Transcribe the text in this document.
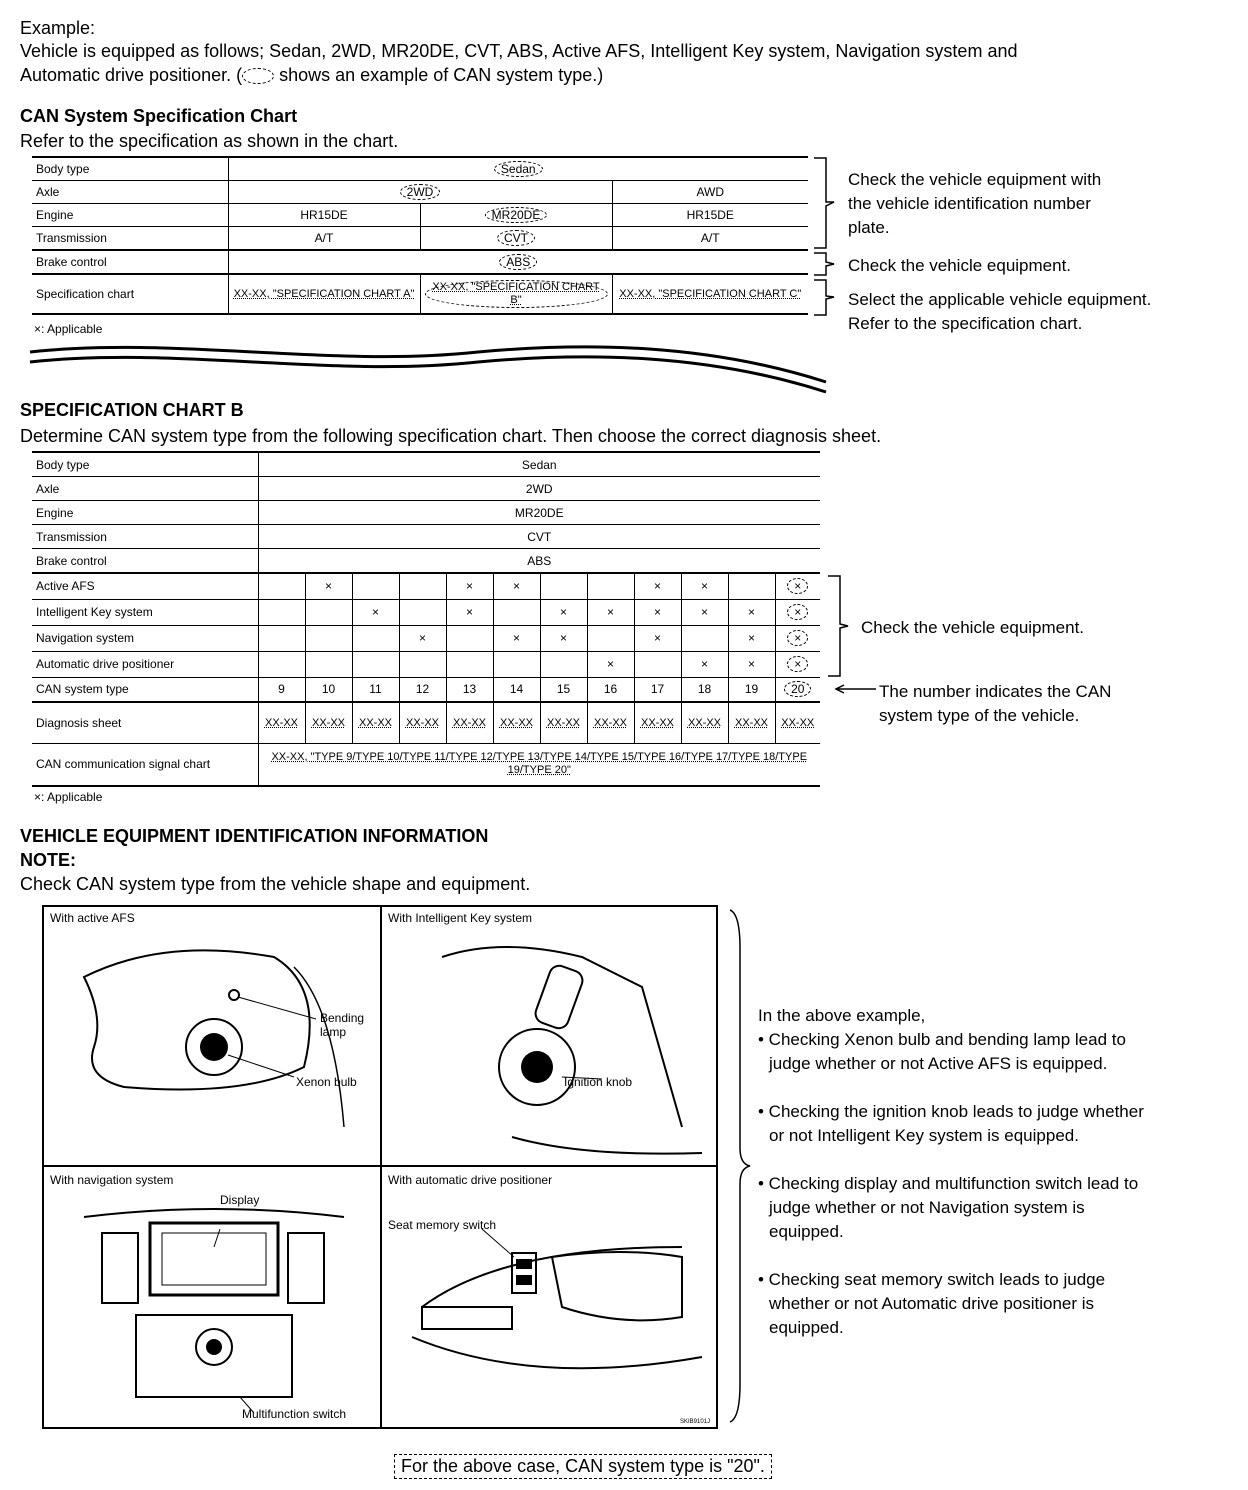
Example:
Vehicle is equipped as follows; Sedan, 2WD, MR20DE, CVT, ABS, Active AFS, Intelligent Key system, Navigation system and
Automatic drive positioner. ( shows an example of CAN system type.)
CAN System Specification Chart
Refer to the specification as shown in the chart.
Body type	Sedan		
Axle	2WD		AWD
Engine	HR15DE	MR20DE	HR15DE
Transmission	A/T	CVT	A/T
Brake control	ABS		
Specification chart	XX-XX, "SPECIFICATION CHART A"	XX-XX, "SPECIFICATION CHART B"	XX-XX, "SPECIFICATION CHART C"
×: Applicable
Check the vehicle equipment with
the vehicle identification number
plate.
Check the vehicle equipment.
Select the applicable vehicle equipment.
Refer to the specification chart.
SPECIFICATION CHART B
Determine CAN system type from the following specification chart. Then choose the correct diagnosis sheet.
Body type	Sedan											
Axle	2WD											
Engine	MR20DE											
Transmission	CVT											
Brake control	ABS											
Active AFS		×			×	×			×	×		×
Intelligent Key system			×		×		×	×	×	×	×	×
Navigation system				×		×	×		×		×	×
Automatic drive positioner								×		×	×	×
CAN system type	9	10	11	12	13	14	15	16	17	18	19	20
Diagnosis sheet	XX-XX	XX-XX	XX-XX	XX-XX	XX-XX	XX-XX	XX-XX	XX-XX	XX-XX	XX-XX	XX-XX	XX-XX
CAN communication signal chart	XX-XX, "TYPE 9/TYPE 10/TYPE 11/TYPE 12/TYPE 13/TYPE 14/TYPE 15/TYPE 16/TYPE 17/TYPE 18/TYPE 19/TYPE 20"											
×: Applicable
Check the vehicle equipment.
The number indicates the CAN
system type of the vehicle.
VEHICLE EQUIPMENT IDENTIFICATION INFORMATION
NOTE:
Check CAN system type from the vehicle shape and equipment.
With active AFS
Bending
lamp
Xenon bulb
With Intelligent Key system
Ignition knob
With navigation system
Display
Multifunction switch
With automatic drive positioner
Seat memory switch
SKIB9101J
In the above example,
• Checking Xenon bulb and bending lamp lead to
judge whether or not Active AFS is equipped.
• Checking the ignition knob leads to judge whether
or not Intelligent Key system is equipped.
• Checking display and multifunction switch lead to
judge whether or not Navigation system is
equipped.
• Checking seat memory switch leads to judge
whether or not Automatic drive positioner is
equipped.
For the above case, CAN system type is "20".
